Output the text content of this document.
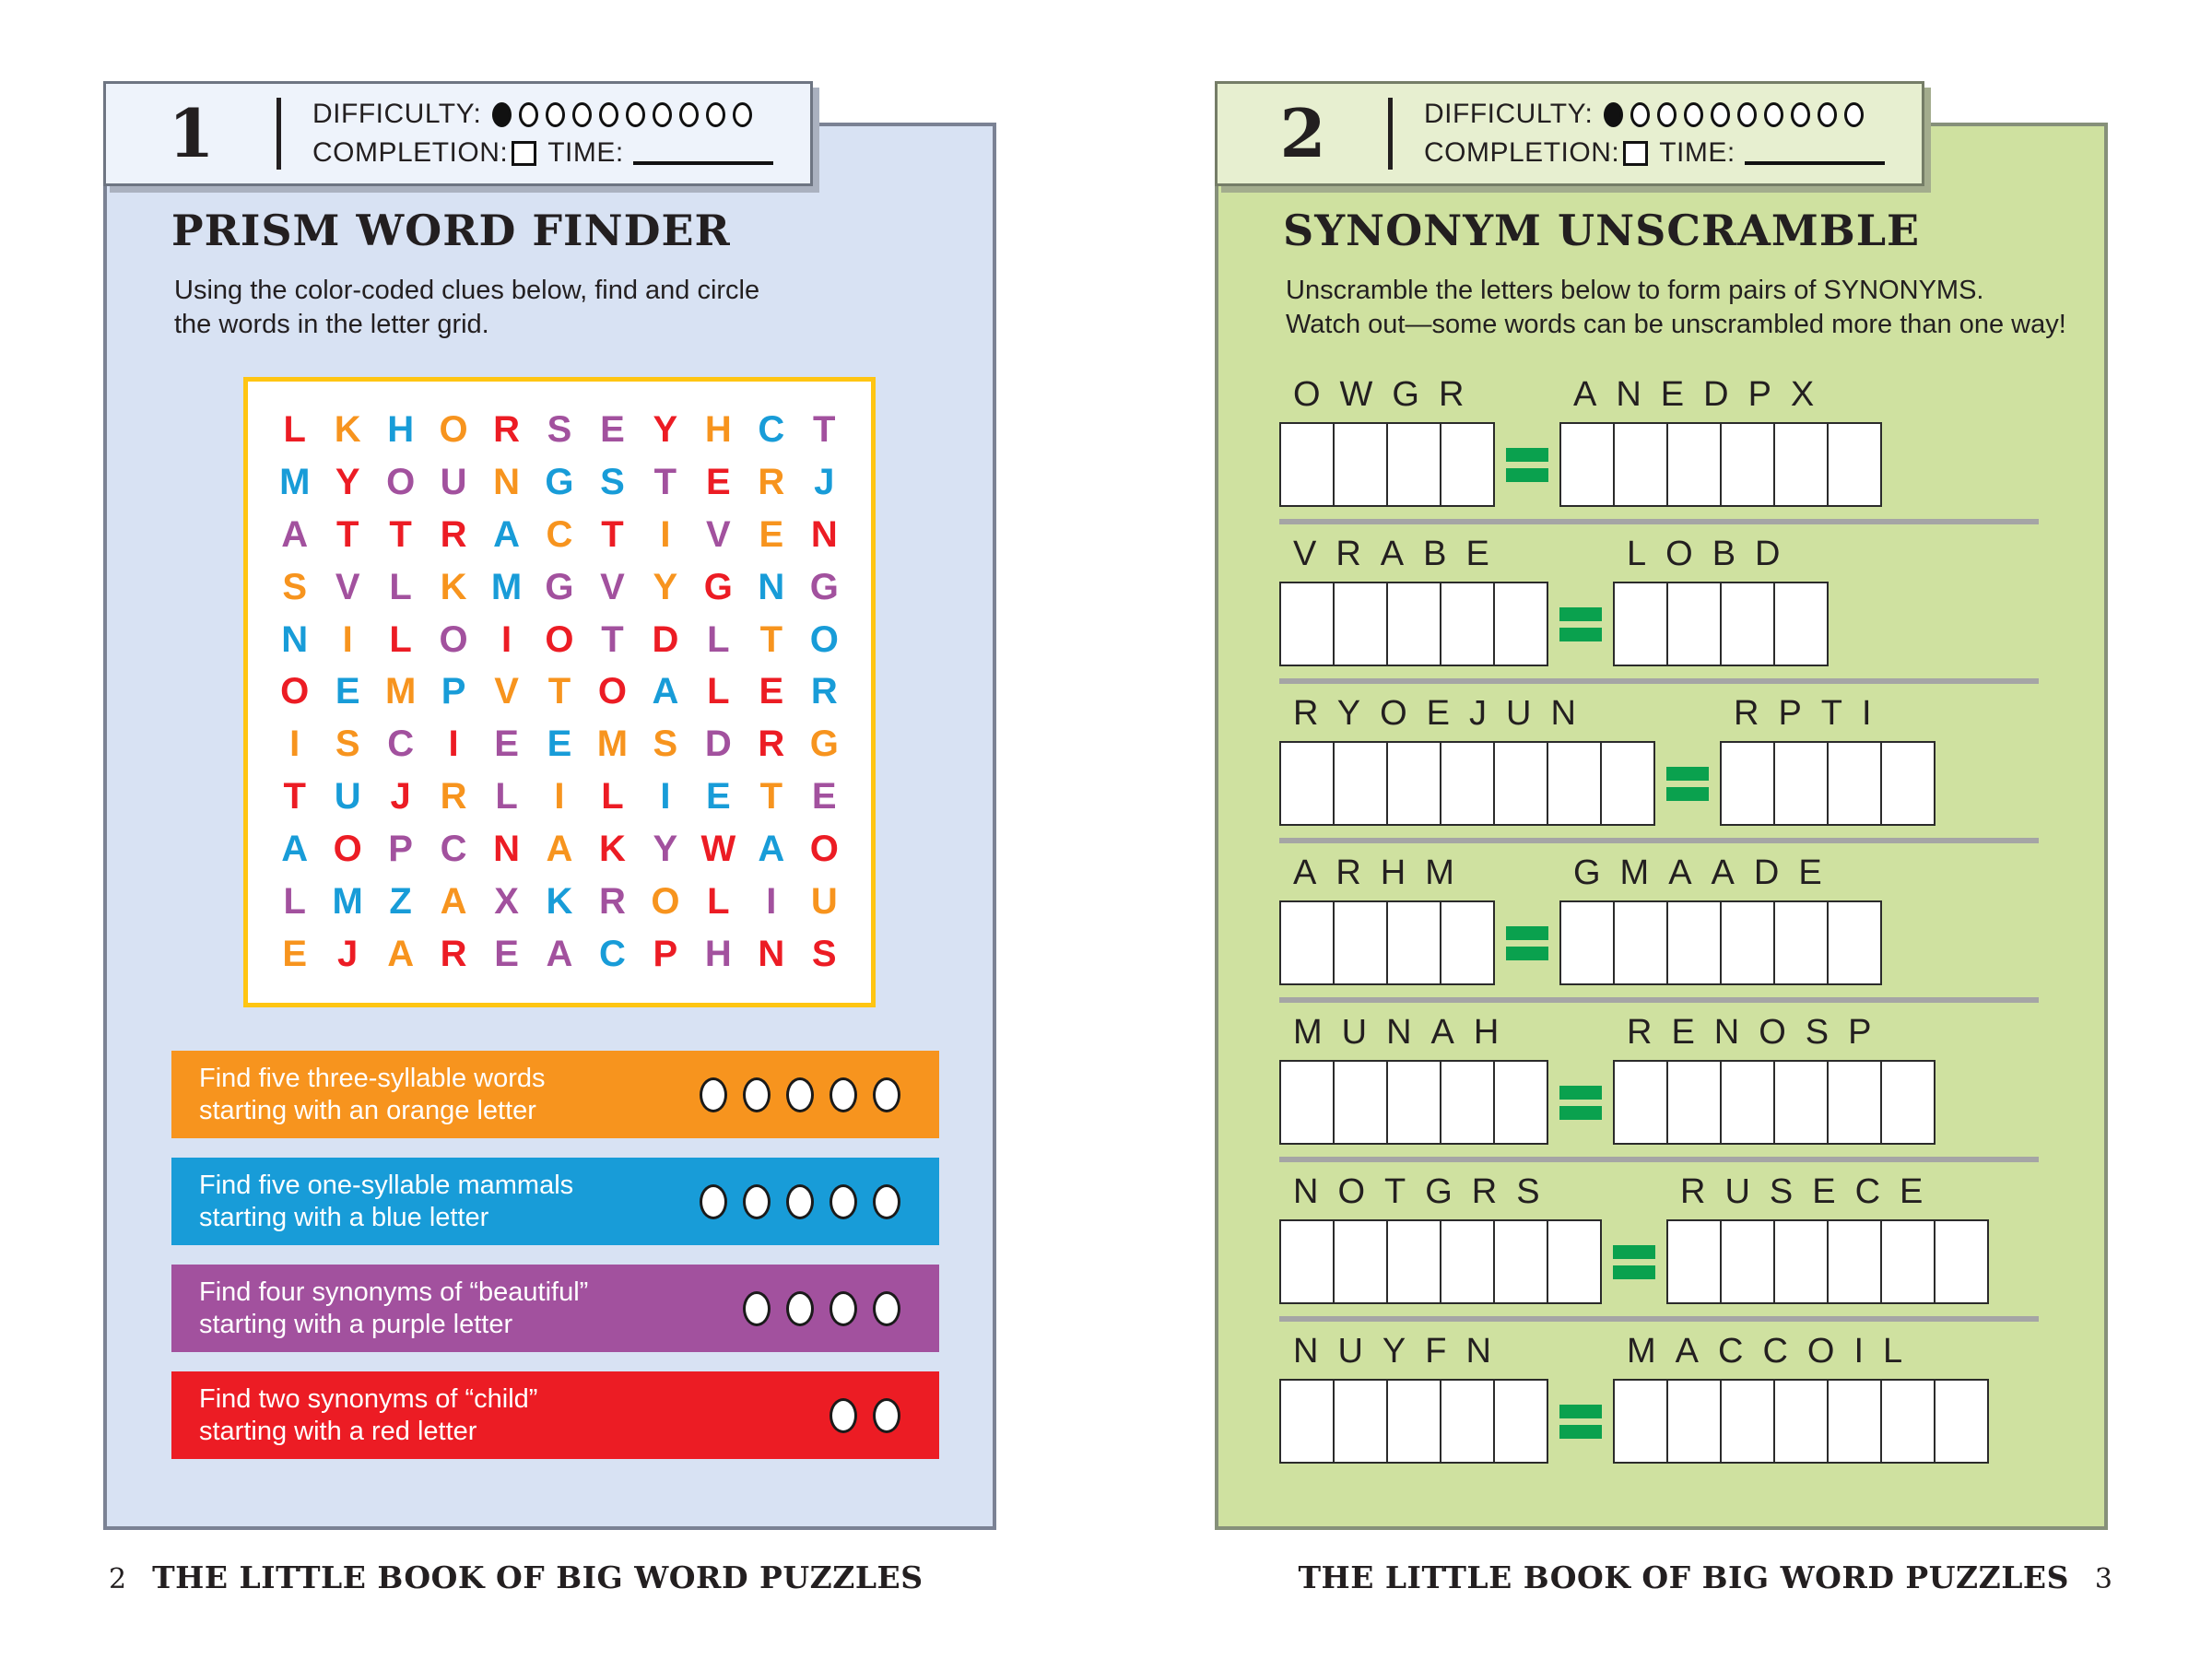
PRISM WORD FINDER
Using the color-coded clues below, find and circle
the words in the letter grid.
L K H O R S E Y H C T
M Y O U N G S T E R J
A T T R A C T I V E N
S V L K M G V Y G N G
N I L O I O T D L T O
O E M P V T O A L E R
I S C I E E M S D R G
T U J R L I L I E T E
A O P C N A K Y W A O
L M Z A X K R O L I U
E J A R E A C P H N S
Find five three-syllable words
starting with an orange letter
Find five one-syllable mammals
starting with a blue letter
Find four synonyms of “beautiful”
starting with a purple letter
Find two synonyms of “child”
starting with a red letter
1	DIFFICULTY:
COMPLETION: TIME:
SYNONYM UNSCRAMBLE
Unscramble the letters below to form pairs of SYNONYMS.
Watch out—some words can be unscrambled more than one way!
OWGR	ANEDPX
VRABE	LOBD
RYOEJUN	RPTI
ARHM	GMAADE
MUNAH	RENOSP
NOTGRS	RUSECE
NUYFN	MACCOIL
2	DIFFICULTY:
COMPLETION: TIME:
2 THE LITTLE BOOK OF BIG WORD PUZZLES	THE LITTLE BOOK OF BIG WORD PUZZLES 3
